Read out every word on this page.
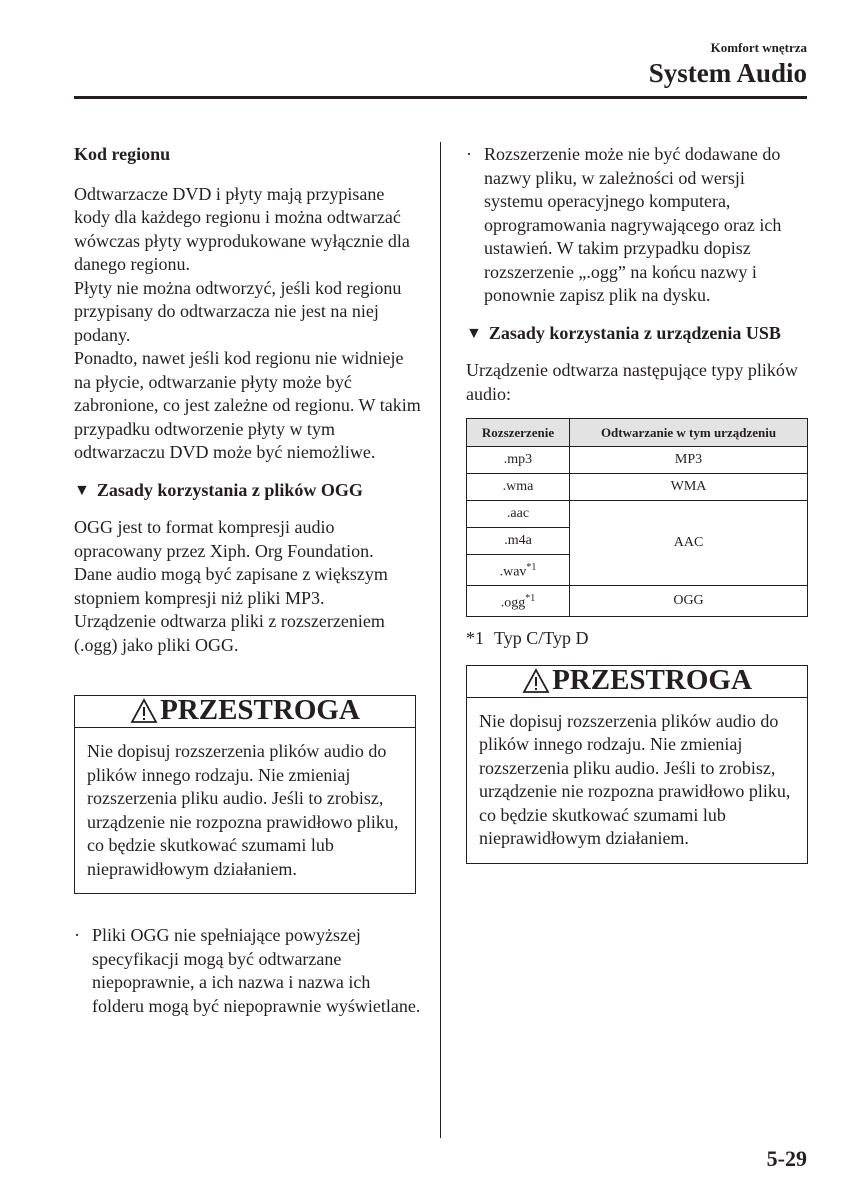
Komfort wnętrza
System Audio

Kod regionu

Odtwarzacze DVD i płyty mają przypisane kody dla każdego regionu i można odtwarzać wówczas płyty wyprodukowane wyłącznie dla danego regionu.

Płyty nie można odtworzyć, jeśli kod regionu przypisany do odtwarzacza nie jest na niej podany.

Ponadto, nawet jeśli kod regionu nie widnieje na płycie, odtwarzanie płyty może być zabronione, co jest zależne od regionu. W takim przypadku odtworzenie płyty w tym odtwarzaczu DVD może być niemożliwe.

▼ Zasady korzystania z plików OGG

OGG jest to format kompresji audio opracowany przez Xiph. Org Foundation.

Dane audio mogą być zapisane z większym stopniem kompresji niż pliki MP3.

Urządzenie odtwarza pliki z rozszerzeniem (.ogg) jako pliki OGG.

PRZESTROGA
Nie dopisuj rozszerzenia plików audio do plików innego rodzaju. Nie zmieniaj rozszerzenia pliku audio. Jeśli to zrobisz, urządzenie nie rozpozna prawidłowo pliku, co będzie skutkować szumami lub nieprawidłowym działaniem.
· Pliki OGG nie spełniające powyższej specyfikacji mogą być odtwarzane niepoprawnie, a ich nazwa i nazwa ich folderu mogą być niepoprawnie wyświetlane.
· Rozszerzenie może nie być dodawane do nazwy pliku, w zależności od wersji systemu operacyjnego komputera, oprogramowania nagrywającego oraz ich ustawień. W takim przypadku dopisz rozszerzenie „.ogg” na końcu nazwy i ponownie zapisz plik na dysku.
▼ Zasady korzystania z urządzenia USB

Urządzenie odtwarza następujące typy plików audio:

Rozszerzenie	Odtwarzanie w tym urządzeniu
.mp3	MP3
.wma	WMA
.aac	AAC
.m4a	
.wav$^{*1}$
.ogg$^{*1}$	OGG
*1 Typ C/Typ D
PRZESTROGA
Nie dopisuj rozszerzenia plików audio do plików innego rodzaju. Nie zmieniaj rozszerzenia pliku audio. Jeśli to zrobisz, urządzenie nie rozpozna prawidłowo pliku, co będzie skutkować szumami lub nieprawidłowym działaniem.
5-29
